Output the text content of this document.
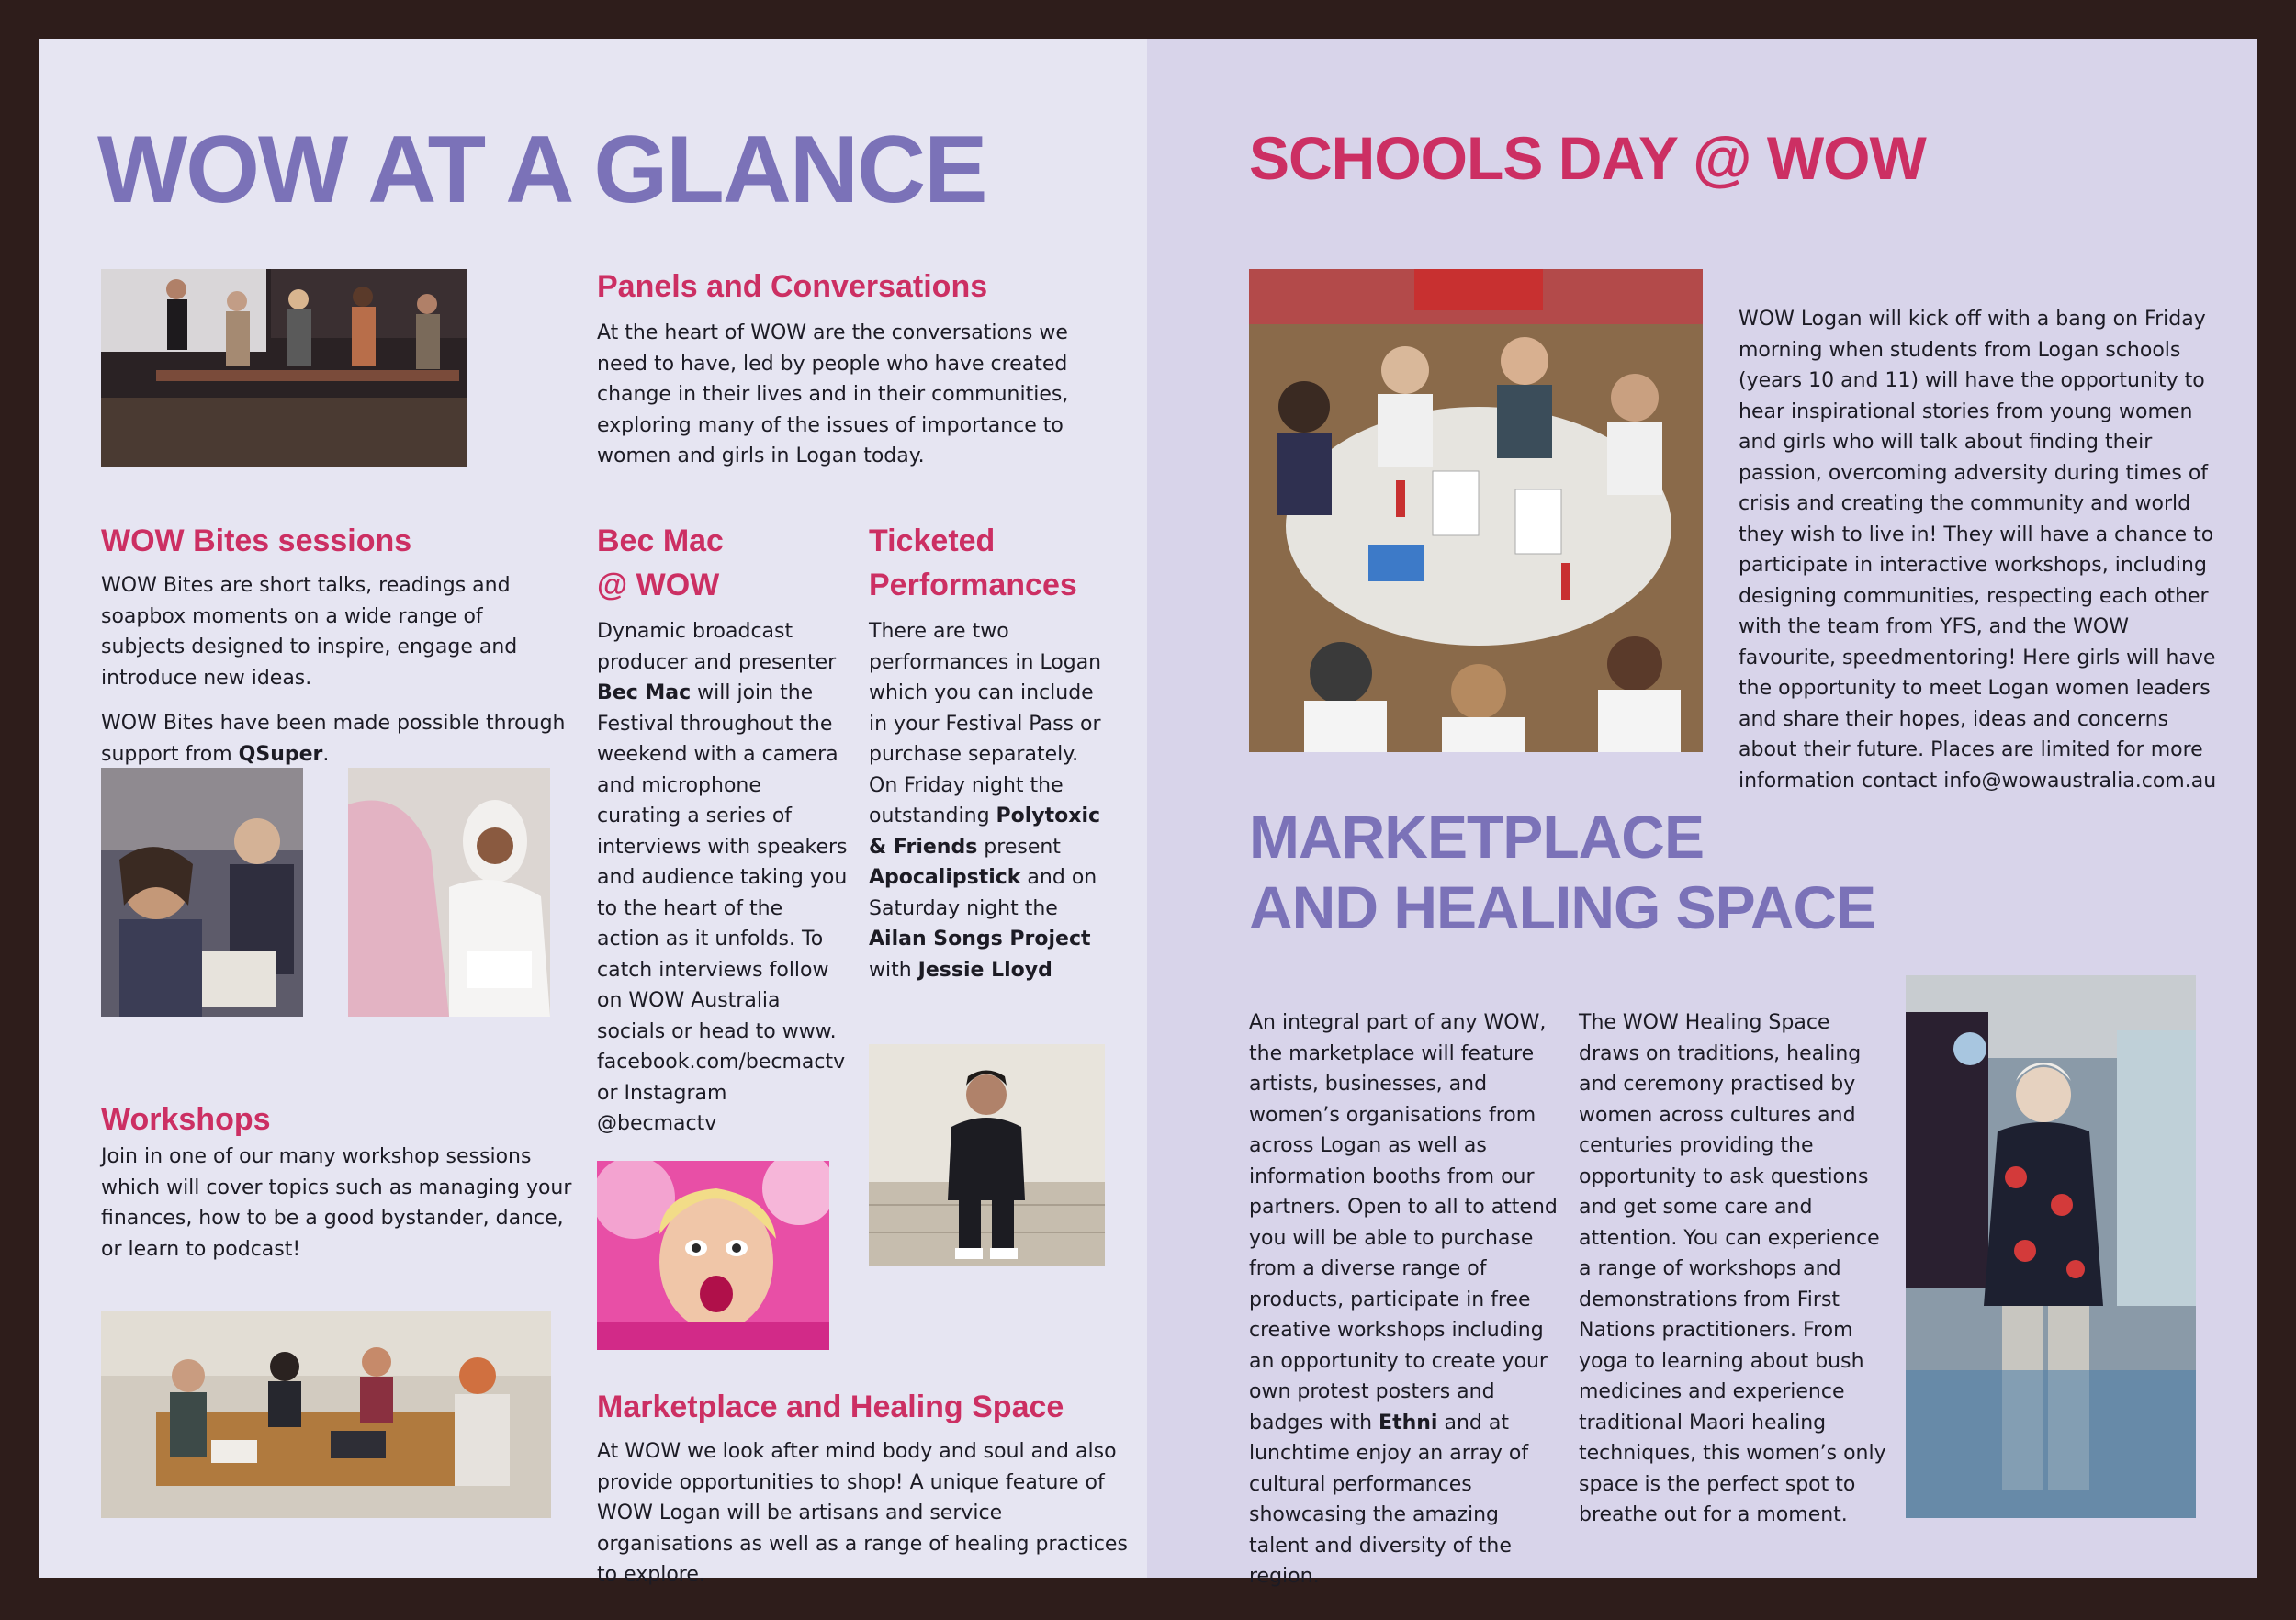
WOW AT A GLANCE
Panels and Conversations

At the heart of WOW are the conversations we need to have, led by people who have created change in their lives and in their communities, exploring many of the issues of importance to women and girls in Logan today.

WOW Bites sessions

WOW Bites are short talks, readings and soapbox moments on a wide range of subjects designed to inspire, engage and introduce new ideas.

WOW Bites have been made possible through support from QSuper.

Bec Mac
@ WOW

Dynamic broadcast producer and presenter Bec Mac will join the Festival throughout the weekend with a camera and microphone curating a series of interviews with speakers and audience taking you to the heart of the action as it unfolds. To catch interviews follow on WOW Australia socials or head to www. facebook.com/becmactv or Instagram @becmactv

Ticketed
Performances

There are two performances in Logan which you can include in your Festival Pass or purchase separately. On Friday night the outstanding Polytoxic & Friends present Apocalipstick and on Saturday night the Ailan Songs Project with Jessie Lloyd

Workshops

Join in one of our many workshop sessions which will cover topics such as managing your finances, how to be a good bystander, dance, or learn to podcast!

Marketplace and Healing Space

At WOW we look after mind body and soul and also provide opportunities to shop! A unique feature of WOW Logan will be artisans and service organisations as well as a range of healing practices to explore.

SCHOOLS DAY @ WOW

WOW Logan will kick off with a bang on Friday morning when students from Logan schools (years 10 and 11) will have the opportunity to hear inspirational stories from young women and girls who will talk about finding their passion, overcoming adversity during times of crisis and creating the community and world they wish to live in! They will have a chance to participate in interactive workshops, including designing communities, respecting each other with the team from YFS, and the WOW favourite, speedmentoring! Here girls will have the opportunity to meet Logan women leaders and share their hopes, ideas and concerns about their future. Places are limited for more information contact info@wowaustralia.com.au

MARKETPLACE
AND HEALING SPACE

An integral part of any WOW, the marketplace will feature artists, businesses, and women’s organisations from across Logan as well as information booths from our partners. Open to all to attend you will be able to purchase from a diverse range of products, participate in free creative workshops including an opportunity to create your own protest posters and badges with Ethni and at lunchtime enjoy an array of cultural performances showcasing the amazing talent and diversity of the region.

The WOW Healing Space draws on traditions, healing and ceremony practised by women across cultures and centuries providing the opportunity to ask questions and get some care and attention. You can experience a range of workshops and demonstrations from First Nations practitioners. From yoga to learning about bush medicines and experience traditional Maori healing techniques, this women’s only space is the perfect spot to breathe out for a moment.
